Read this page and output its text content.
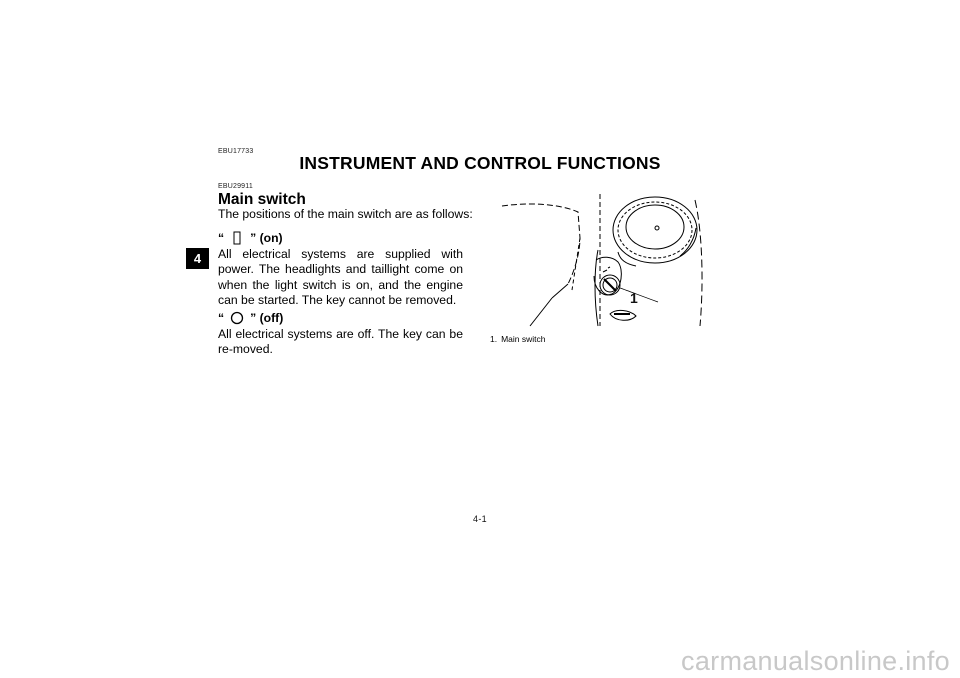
EBU17733
INSTRUMENT AND CONTROL FUNCTIONS
4
EBU29911
Main switch
The positions of the main switch are as follows:
“ ” (on)
All electrical systems are supplied with power. The headlights and taillight come on when the light switch is on, and the engine can be started. The key cannot be removed.
“ ” (off)
All electrical systems are off. The key can be re-moved.
1
1. Main switch
4-1
carmanualsonline.info
